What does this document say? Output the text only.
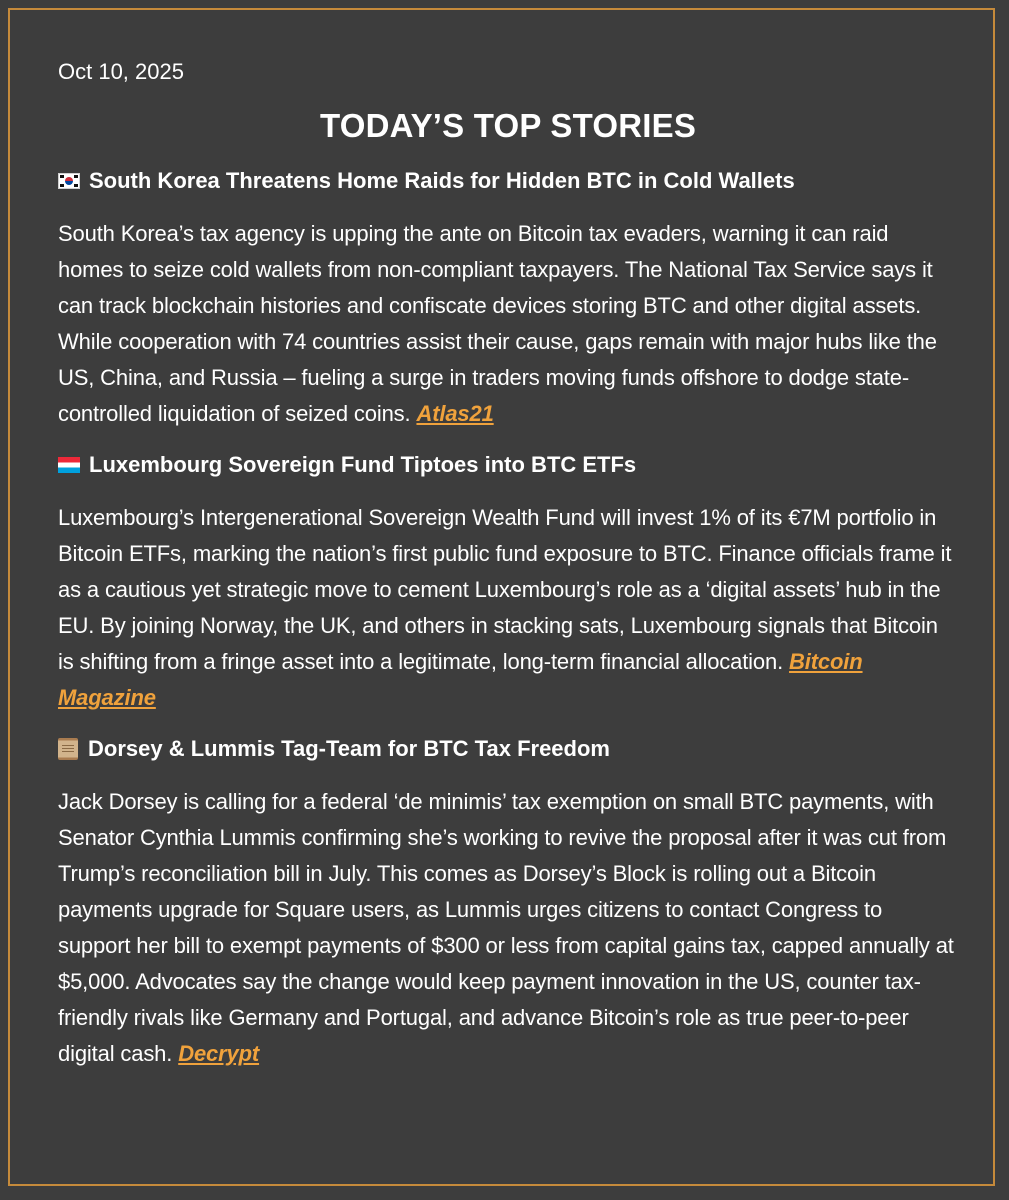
Oct 10, 2025
TODAY’S TOP STORIES
South Korea Threatens Home Raids for Hidden BTC in Cold Wallets

South Korea’s tax agency is upping the ante on Bitcoin tax evaders, warning it can raid homes to seize cold wallets from non-compliant taxpayers. The National Tax Service says it can track blockchain histories and confiscate devices storing BTC and other digital assets. While cooperation with 74 countries assist their cause, gaps remain with major hubs like the US, China, and Russia – fueling a surge in traders moving funds offshore to dodge state-controlled liquidation of seized coins. Atlas21

Luxembourg Sovereign Fund Tiptoes into BTC ETFs

Luxembourg’s Intergenerational Sovereign Wealth Fund will invest 1% of its €7M portfolio in Bitcoin ETFs, marking the nation’s first public fund exposure to BTC. Finance officials frame it as a cautious yet strategic move to cement Luxembourg’s role as a ‘digital assets’ hub in the EU. By joining Norway, the UK, and others in stacking sats, Luxembourg signals that Bitcoin is shifting from a fringe asset into a legitimate, long-term financial allocation. Bitcoin Magazine

Dorsey & Lummis Tag-Team for BTC Tax Freedom

Jack Dorsey is calling for a federal ‘de minimis’ tax exemption on small BTC payments, with Senator Cynthia Lummis confirming she’s working to revive the proposal after it was cut from Trump’s reconciliation bill in July. This comes as Dorsey’s Block is rolling out a Bitcoin payments upgrade for Square users, as Lummis urges citizens to contact Congress to support her bill to exempt payments of $300 or less from capital gains tax, capped annually at $5,000. Advocates say the change would keep payment innovation in the US, counter tax-friendly rivals like Germany and Portugal, and advance Bitcoin’s role as true peer-to-peer digital cash. Decrypt
